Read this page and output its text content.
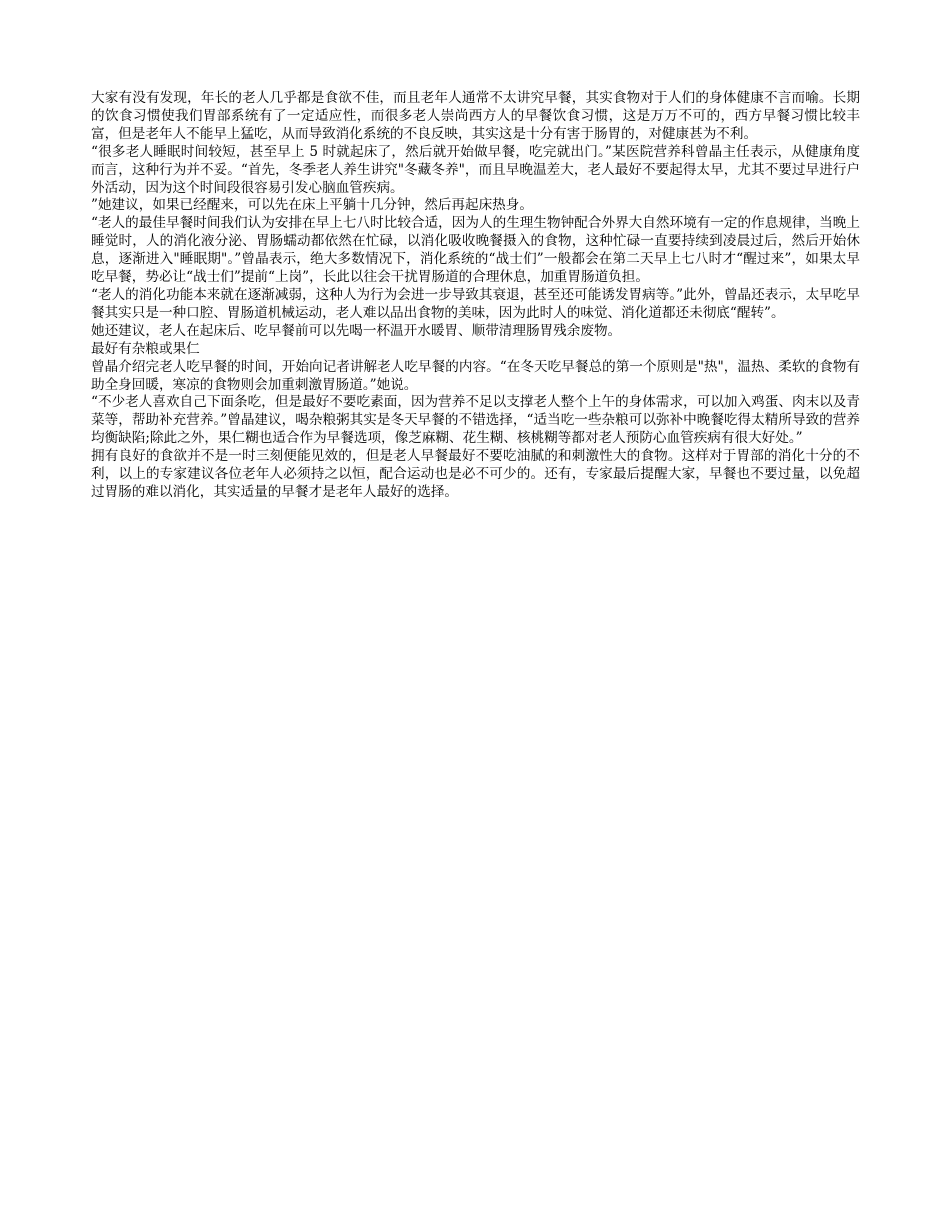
大家有没有发现，年长的老人几乎都是食欲不佳，而且老年人通常不太讲究早餐，其实食物对于人们的身体健康不言而喻。长期的饮食习惯使我们胃部系统有了一定适应性，而很多老人崇尚西方人的早餐饮食习惯，这是万万不可的，西方早餐习惯比较丰富，但是老年人不能早上猛吃，从而导致消化系统的不良反映，其实这是十分有害于肠胃的，对健康甚为不利。

“很多老人睡眠时间较短，甚至早上 5 时就起床了，然后就开始做早餐，吃完就出门。”某医院营养科曾晶主任表示，从健康角度而言，这种行为并不妥。“首先，冬季老人养生讲究"冬藏冬养"，而且早晚温差大，老人最好不要起得太早，尤其不要过早进行户外活动，因为这个时间段很容易引发心脑血管疾病。

”她建议，如果已经醒来，可以先在床上平躺十几分钟，然后再起床热身。

“老人的最佳早餐时间我们认为安排在早上七八时比较合适，因为人的生理生物钟配合外界大自然环境有一定的作息规律，当晚上睡觉时，人的消化液分泌、胃肠蠕动都依然在忙碌，以消化吸收晚餐摄入的食物，这种忙碌一直要持续到凌晨过后，然后开始休息，逐渐进入"睡眠期"。”曾晶表示，绝大多数情况下，消化系统的“战士们”一般都会在第二天早上七八时才“醒过来”，如果太早吃早餐，势必让“战士们”提前“上岗”，长此以往会干扰胃肠道的合理休息，加重胃肠道负担。

“老人的消化功能本来就在逐渐减弱，这种人为行为会进一步导致其衰退，甚至还可能诱发胃病等。”此外，曾晶还表示，太早吃早餐其实只是一种口腔、胃肠道机械运动，老人难以品出食物的美味，因为此时人的味觉、消化道都还未彻底“醒转”。

她还建议，老人在起床后、吃早餐前可以先喝一杯温开水暖胃、顺带清理肠胃残余废物。

最好有杂粮或果仁

曾晶介绍完老人吃早餐的时间，开始向记者讲解老人吃早餐的内容。“在冬天吃早餐总的第一个原则是"热"，温热、柔软的食物有助全身回暖，寒凉的食物则会加重刺激胃肠道。”她说。

“不少老人喜欢自己下面条吃，但是最好不要吃素面，因为营养不足以支撑老人整个上午的身体需求，可以加入鸡蛋、肉末以及青菜等，帮助补充营养。”曾晶建议，喝杂粮粥其实是冬天早餐的不错选择，“适当吃一些杂粮可以弥补中晚餐吃得太精所导致的营养均衡缺陷;除此之外，果仁糊也适合作为早餐选项，像芝麻糊、花生糊、核桃糊等都对老人预防心血管疾病有很大好处。”

拥有良好的食欲并不是一时三刻便能见效的，但是老人早餐最好不要吃油腻的和刺激性大的食物。这样对于胃部的消化十分的不利，以上的专家建议各位老年人必须持之以恒，配合运动也是必不可少的。还有，专家最后提醒大家，早餐也不要过量，以免超过胃肠的难以消化，其实适量的早餐才是老年人最好的选择。
